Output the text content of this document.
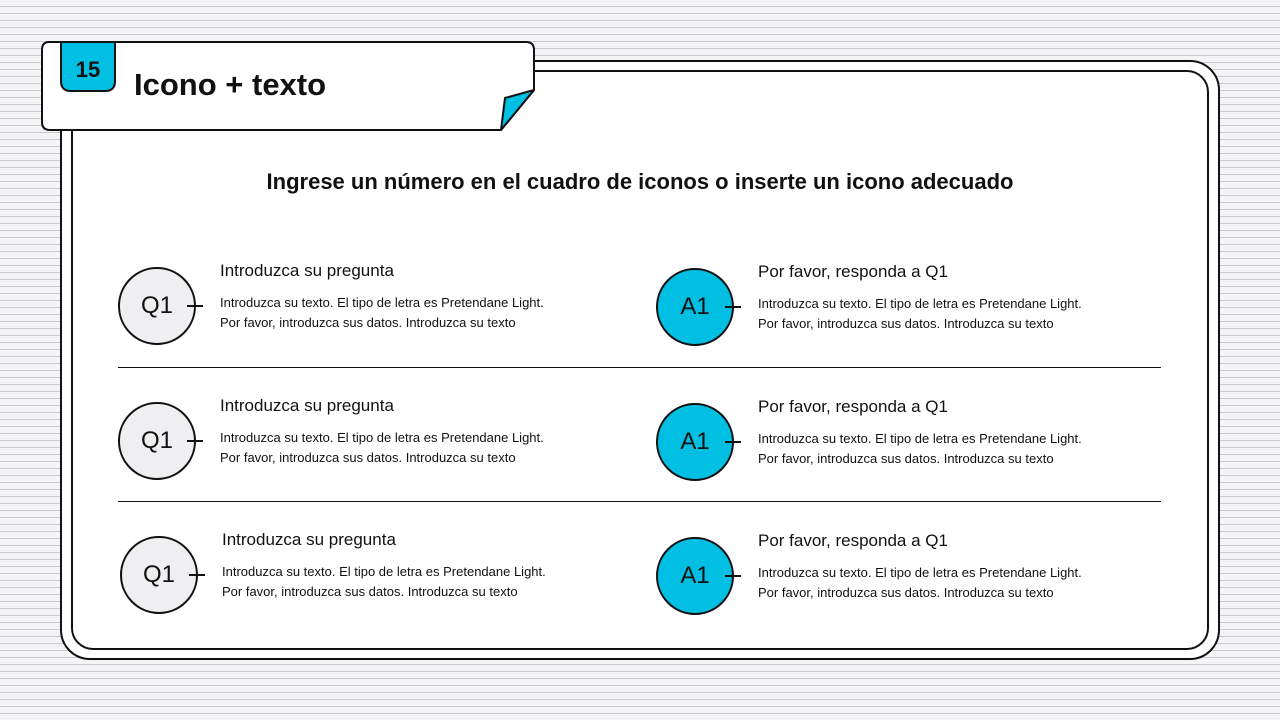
15	Icono + texto
Ingrese un número en el cuadro de iconos o inserte un icono adecuado
Q1
Introduzca su pregunta
Introduzca su texto. El tipo de letra es Pretendane Light.
Por favor, introduzca sus datos. Introduzca su texto
A1
Por favor, responda a Q1
Introduzca su texto. El tipo de letra es Pretendane Light.
Por favor, introduzca sus datos. Introduzca su texto
Q1
Introduzca su pregunta
Introduzca su texto. El tipo de letra es Pretendane Light.
Por favor, introduzca sus datos. Introduzca su texto
A1
Por favor, responda a Q1
Introduzca su texto. El tipo de letra es Pretendane Light.
Por favor, introduzca sus datos. Introduzca su texto
Q1
Introduzca su pregunta
Introduzca su texto. El tipo de letra es Pretendane Light.
Por favor, introduzca sus datos. Introduzca su texto
A1
Por favor, responda a Q1
Introduzca su texto. El tipo de letra es Pretendane Light.
Por favor, introduzca sus datos. Introduzca su texto
